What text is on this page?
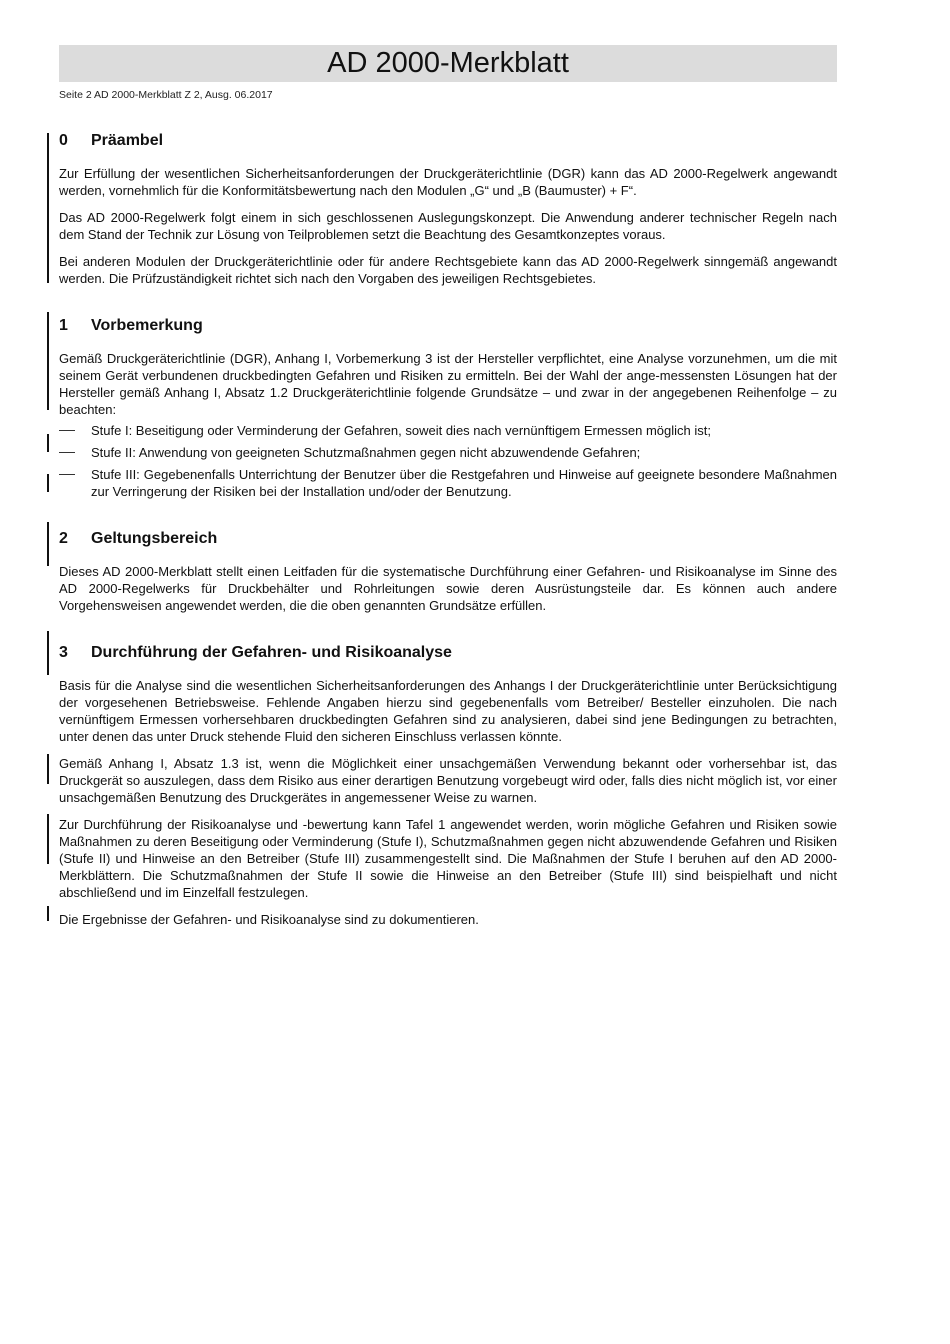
AD 2000-Merkblatt
Seite 2 AD 2000-Merkblatt Z 2, Ausg. 06.2017
0 Präambel

Zur Erfüllung der wesentlichen Sicherheitsanforderungen der Druckgeräterichtlinie (DGR) kann das AD 2000-Regelwerk angewandt werden, vornehmlich für die Konformitätsbewertung nach den Modulen „G“ und „B (Baumuster) + F“.

Das AD 2000-Regelwerk folgt einem in sich geschlossenen Auslegungskonzept. Die Anwendung anderer technischer Regeln nach dem Stand der Technik zur Lösung von Teilproblemen setzt die Beachtung des Gesamtkonzeptes voraus.

Bei anderen Modulen der Druckgeräterichtlinie oder für andere Rechtsgebiete kann das AD 2000-Regelwerk sinngemäß angewandt werden. Die Prüfzuständigkeit richtet sich nach den Vorgaben des jeweiligen Rechtsgebietes.

1 Vorbemerkung

Gemäß Druckgeräterichtlinie (DGR), Anhang I, Vorbemerkung 3 ist der Hersteller verpflichtet, eine Analyse vorzunehmen, um die mit seinem Gerät verbundenen druckbedingten Gefahren und Risiken zu ermitteln. Bei der Wahl der ange-messensten Lösungen hat der Hersteller gemäß Anhang I, Absatz 1.2 Druckgeräterichtlinie folgende Grundsätze – und zwar in der angegebenen Reihenfolge – zu beachten:

Stufe I: Beseitigung oder Verminderung der Gefahren, soweit dies nach vernünftigem Ermessen möglich ist;
Stufe II: Anwendung von geeigneten Schutzmaßnahmen gegen nicht abzuwendende Gefahren;
Stufe III: Gegebenenfalls Unterrichtung der Benutzer über die Restgefahren und Hinweise auf geeignete besondere Maßnahmen zur Verringerung der Risiken bei der Installation und/oder der Benutzung.
2 Geltungsbereich

Dieses AD 2000-Merkblatt stellt einen Leitfaden für die systematische Durchführung einer Gefahren- und Risikoanalyse im Sinne des AD 2000-Regelwerks für Druckbehälter und Rohrleitungen sowie deren Ausrüstungsteile dar. Es können auch andere Vorgehensweisen angewendet werden, die die oben genannten Grundsätze erfüllen.

3 Durchführung der Gefahren- und Risikoanalyse

Basis für die Analyse sind die wesentlichen Sicherheitsanforderungen des Anhangs I der Druckgeräterichtlinie unter Berücksichtigung der vorgesehenen Betriebsweise. Fehlende Angaben hierzu sind gegebenenfalls vom Betreiber/ Besteller einzuholen. Die nach vernünftigem Ermessen vorhersehbaren druckbedingten Gefahren sind zu analysieren, dabei sind jene Bedingungen zu betrachten, unter denen das unter Druck stehende Fluid den sicheren Einschluss verlassen könnte.

Gemäß Anhang I, Absatz 1.3 ist, wenn die Möglichkeit einer unsachgemäßen Verwendung bekannt oder vorhersehbar ist, das Druckgerät so auszulegen, dass dem Risiko aus einer derartigen Benutzung vorgebeugt wird oder, falls dies nicht möglich ist, vor einer unsachgemäßen Benutzung des Druckgerätes in angemessener Weise zu warnen.

Zur Durchführung der Risikoanalyse und -bewertung kann Tafel 1 angewendet werden, worin mögliche Gefahren und Risiken sowie Maßnahmen zu deren Beseitigung oder Verminderung (Stufe I), Schutzmaßnahmen gegen nicht abzuwendende Gefahren und Risiken (Stufe II) und Hinweise an den Betreiber (Stufe III) zusammengestellt sind. Die Maßnahmen der Stufe I beruhen auf den AD 2000-Merkblättern. Die Schutzmaßnahmen der Stufe II sowie die Hinweise an den Betreiber (Stufe III) sind beispielhaft und nicht abschließend und im Einzelfall festzulegen.

Die Ergebnisse der Gefahren- und Risikoanalyse sind zu dokumentieren.
